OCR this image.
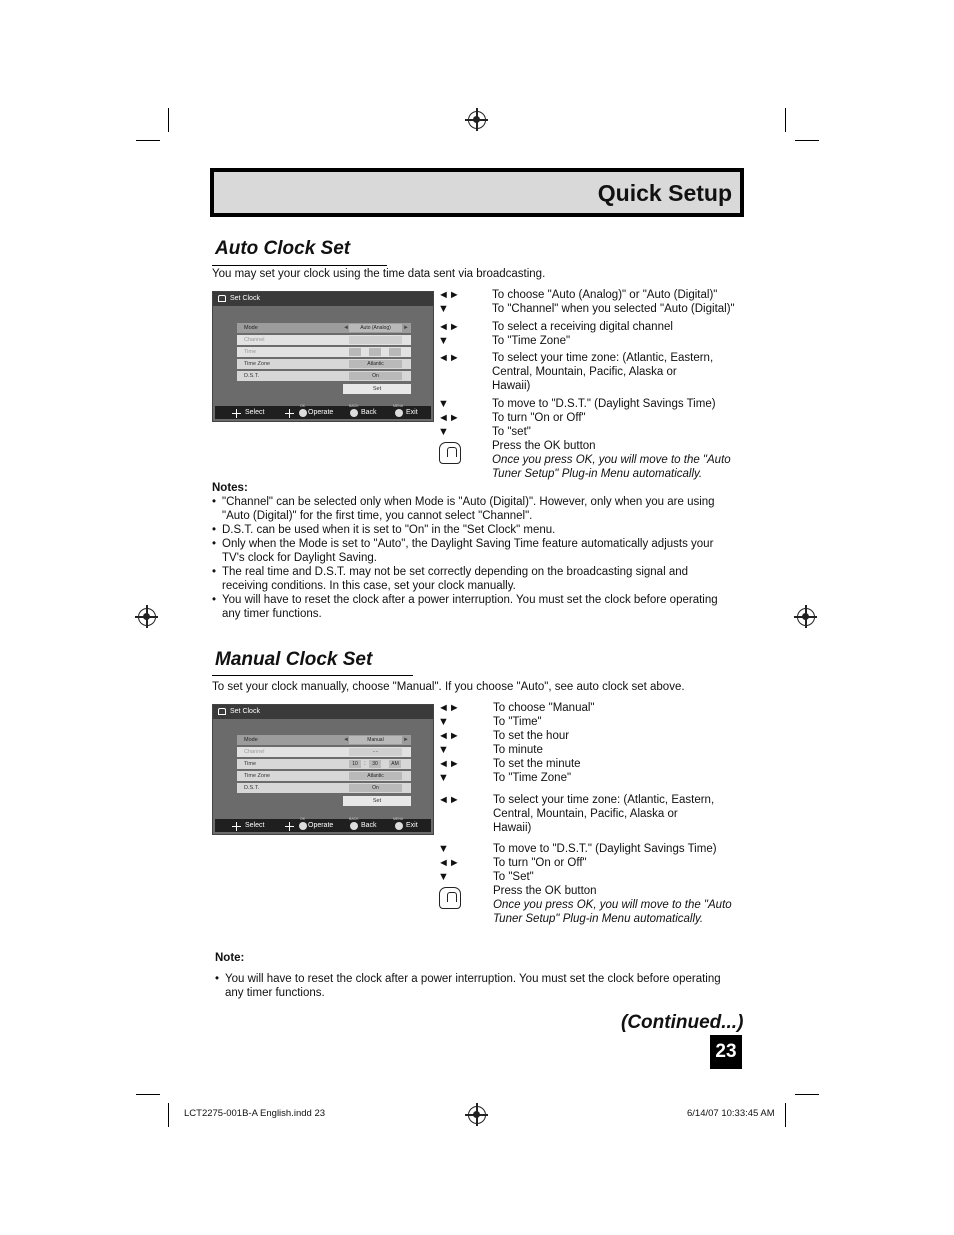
Quick Setup
Auto Clock Set
You may set your clock using the time data sent via broadcasting.
Set Clock
Mode	◄	Auto (Analog)	►
Channel
Time
Time Zone	Atlantic
D.S.T.	On
Set
Select
OK
Operate
BACK
Back
MENU
Exit
◄►	To choose "Auto (Analog)" or "Auto (Digital)"
▼	To "Channel" when you selected "Auto (Digital)"
◄►	To select a receiving digital channel
▼	To "Time Zone"
◄►	To select your time zone: (Atlantic, Eastern,
Central, Mountain, Pacific, Alaska or
Hawaii)
▼	To move to "D.S.T." (Daylight Savings Time)
◄►	To turn "On or Off"
▼	To "set"
Press the OK button
Once you press OK, you will move to the "Auto
Tuner Setup" Plug-in Menu automatically.
Notes:
• "Channel" can be selected only when Mode is "Auto (Digital)". However, only when you are using
"Auto (Digital)" for the first time, you cannot select "Channel".
• D.S.T. can be used when it is set to "On" in the "Set Clock" menu.
• Only when the Mode is set to "Auto", the Daylight Saving Time feature automatically adjusts your
TV's clock for Daylight Saving.
• The real time and D.S.T. may not be set correctly depending on the broadcasting signal and
receiving conditions. In this case, set your clock manually.
• You will have to reset the clock after a power interruption. You must set the clock before operating
any timer functions.
Manual Clock Set
To set your clock manually, choose "Manual". If you choose "Auto", see auto clock set above.
Set Clock
Mode	◄	Manual	►
Channel	- -
Time	10	:	30	AM
Time Zone	Atlantic
D.S.T.	On
Set
Select
OK
Operate
BACK
Back
MENU
Exit
◄►	To choose "Manual"
▼	To "Time"
◄►	To set the hour
▼	To minute
◄►	To set the minute
▼	To "Time Zone"
◄►	To select your time zone: (Atlantic, Eastern,
Central, Mountain, Pacific, Alaska or
Hawaii)
▼	To move to "D.S.T." (Daylight Savings Time)
◄►	To turn "On or Off"
▼	To "Set"
Press the OK button
Once you press OK, you will move to the "Auto
Tuner Setup" Plug-in Menu automatically.
Note:
• You will have to reset the clock after a power interruption. You must set the clock before operating
any timer functions.
(Continued...)
23
LCT2275-001B-A English.indd 23	6/14/07 10:33:45 AM
